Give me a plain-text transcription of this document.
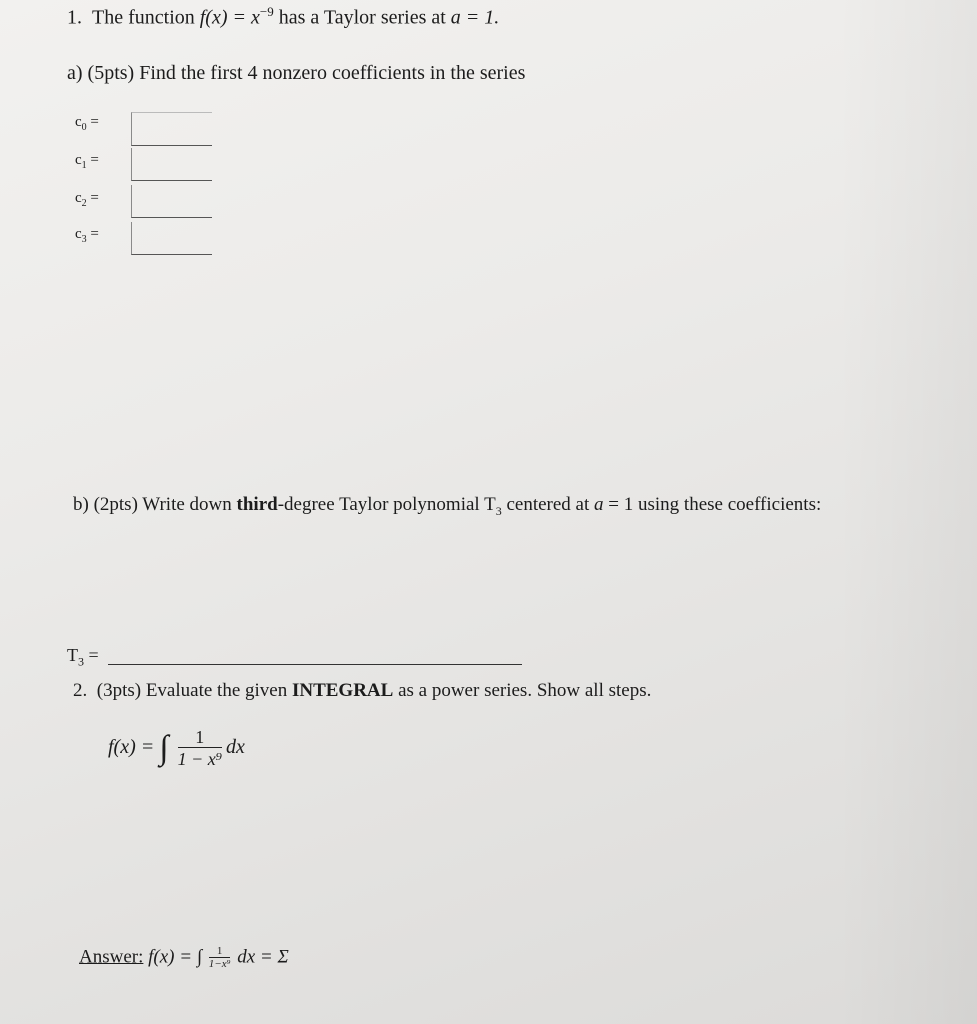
1. The function $f(x) = x^{-9}$ has a Taylor series at a = 1.
a) (5pts) Find the first 4 nonzero coefficients in the series
$c_0$ =
$c_1$ =
$c_2$ =
$c_3$ =
b) (2pts) Write down third-degree Taylor polynomial $T_3$ centered at a = 1 using these coefficients:
$T_3$ =
2. (3pts) Evaluate the given INTEGRAL as a power series. Show all steps.
f(x) = ∫ $\frac{1}{\text{1 − x⁹}}$ dx
Answer: f(x) = ∫ $\frac{1}{\text{1−x⁹}}$ dx = Σ
